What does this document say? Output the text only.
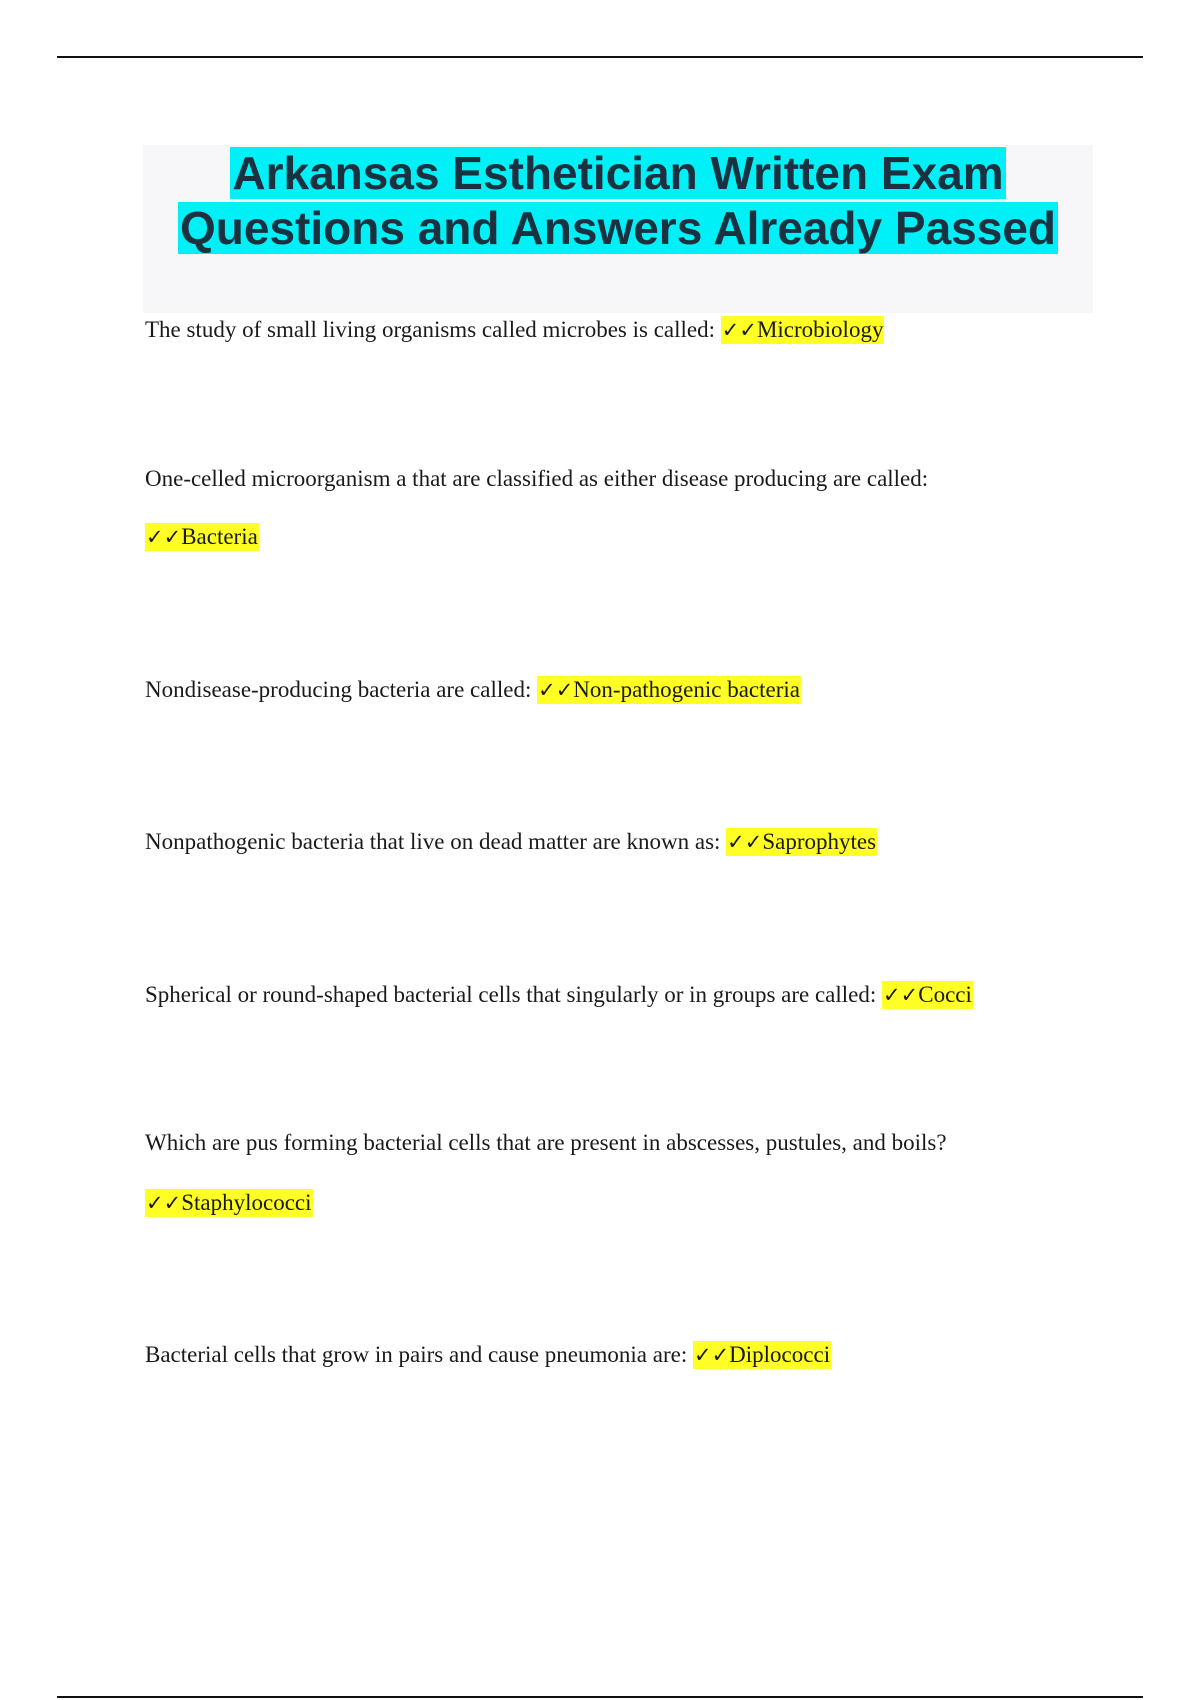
Arkansas Esthetician Written Exam
Questions and Answers Already Passed
The study of small living organisms called microbes is called: ✓✓Microbiology
One-celled microorganism a that are classified as either disease producing are called:
✓✓Bacteria
Nondisease-producing bacteria are called: ✓✓Non-pathogenic bacteria
Nonpathogenic bacteria that live on dead matter are known as: ✓✓Saprophytes
Spherical or round-shaped bacterial cells that singularly or in groups are called: ✓✓Cocci
Which are pus forming bacterial cells that are present in abscesses, pustules, and boils?
✓✓Staphylococci
Bacterial cells that grow in pairs and cause pneumonia are: ✓✓Diplococci
